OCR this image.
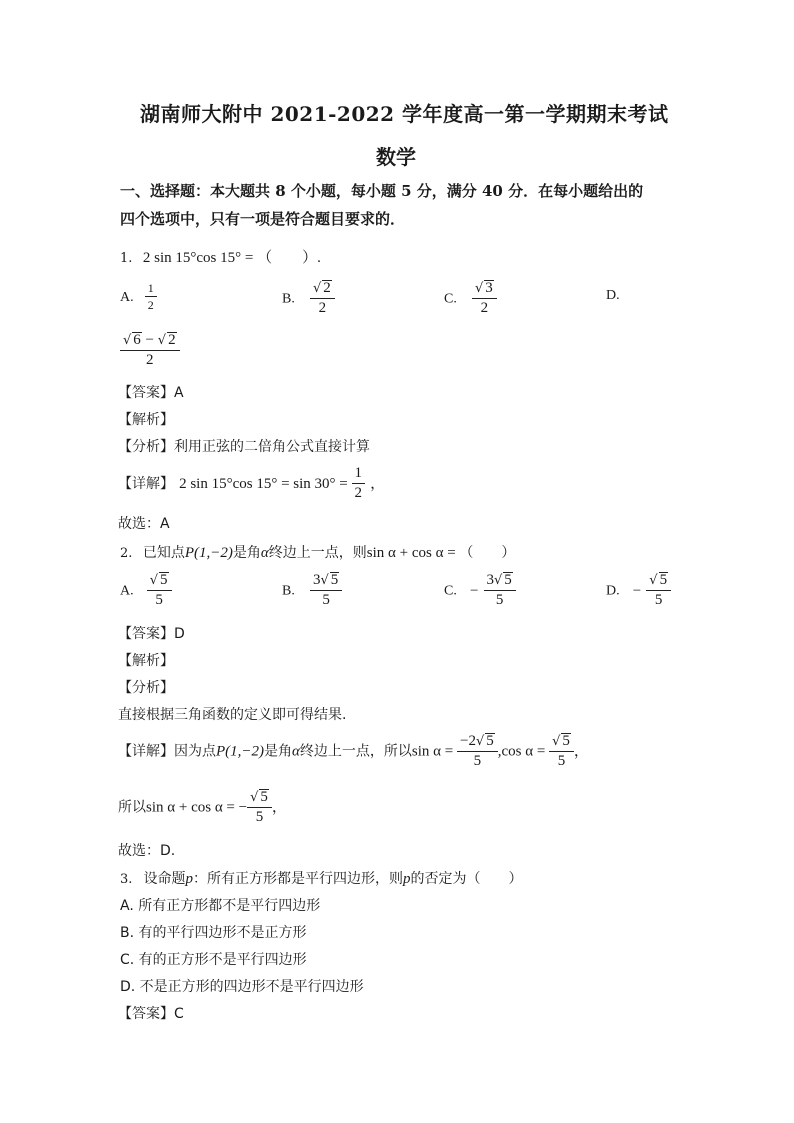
湖南师大附中 2021-2022 学年度高一第一学期期末考试
数学
一、选择题：本大题共 8 个小题，每小题 5 分，满分 40 分．在每小题给出的
四个选项中，只有一项是符合题目要求的．
1. 2 sin 15°cos 15° = （　　）.
A. $\frac{1}{2}$	B. $\frac{√ 2}{2}$	C. $\frac{√ 3}{2}$	D.
$\frac{√ 6 - √ 2}{2}$
【答案】A
【解析】
【分析】利用正弦的二倍角公式直接计算
【详解】 2 sin 15°cos $15^\circ = \sin 30^\circ = \frac{1}{2}$ ，
故选：A
2. 已知点P(1,−2)是角α终边上一点，则sin α + cos α = （　　）
A. $\frac{√ 5}{5}$	B. $\frac{3√ 5}{5}$	C. − $\frac{3√ 5}{5}$	D. − $\frac{√ 5}{5}$
【答案】D
【解析】
【分析】
直接根据三角函数的定义即可得结果.
【详解】因为点P(1,−2)是角α终边上一点，所以$\sin \alpha = \frac{-2√ 5}{5} ,\cos$ $\alpha = \frac{√ 5}{5}$ ，
所以sin α + cos α = − $\frac{√ 5}{5}$ ，
故选：D.
3. 设命题p：所有正方形都是平行四边形，则p的否定为（　　）
A. 所有正方形都不是平行四边形
B. 有的平行四边形不是正方形
C. 有的正方形不是平行四边形
D. 不是正方形的四边形不是平行四边形
【答案】C
